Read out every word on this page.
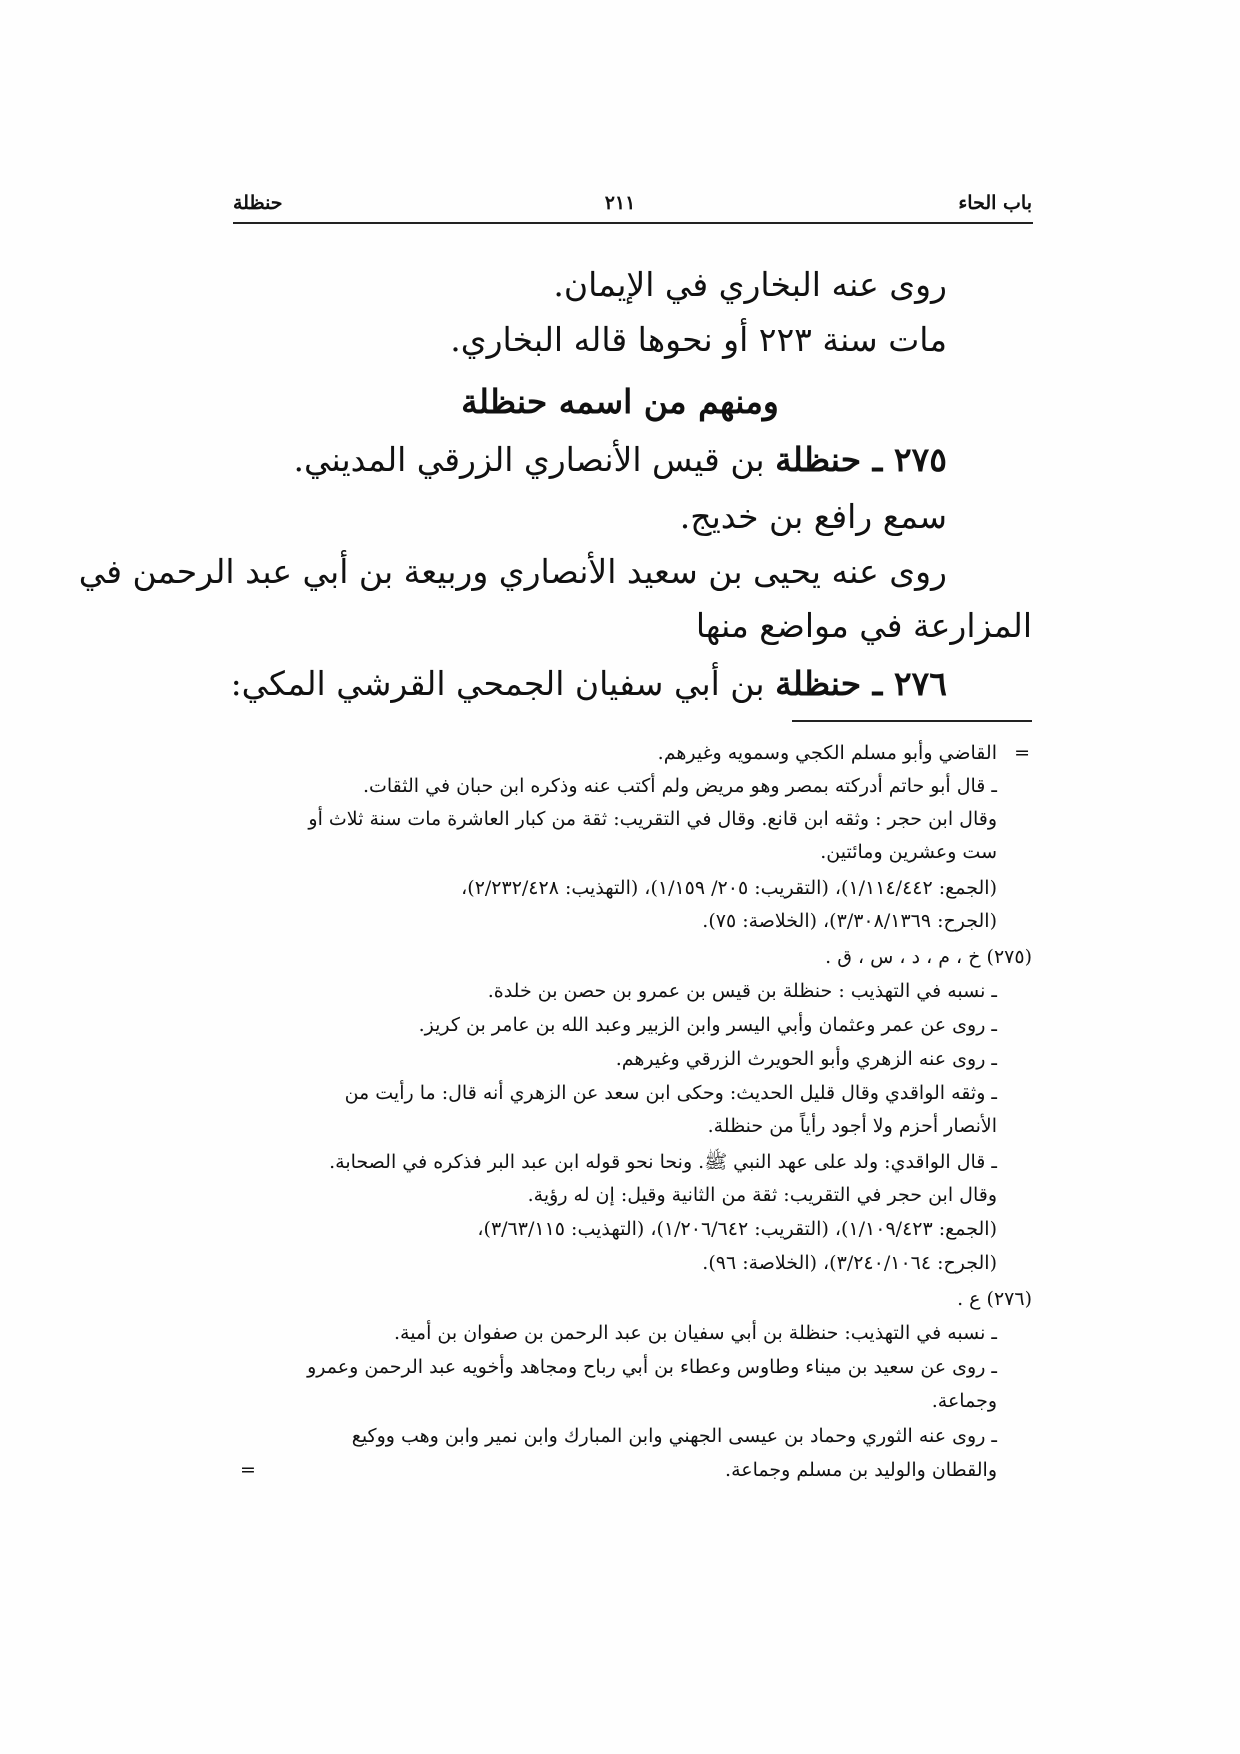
باب الحاء
٢١١
حنظلة
روى عنه البخاري في الإيمان.
مات سنة ٢٢٣ أو نحوها قاله البخاري.
ومنهم من اسمه حنظلة
٢٧٥ ـ حنظلة بن قيس الأنصاري الزرقي المديني.
سمع رافع بن خديج.
روى عنه يحيى بن سعيد الأنصاري وربيعة بن أبي عبد الرحمن في
المزارعة في مواضع منها
٢٧٦ ـ حنظلة بن أبي سفيان الجمحي القرشي المكي:
=
القاضي وأبو مسلم الكجي وسمويه وغيرهم.
ـ قال أبو حاتم أدركته بمصر وهو مريض ولم أكتب عنه وذكره ابن حبان في الثقات.
وقال ابن حجر : وثقه ابن قانع. وقال في التقريب: ثقة من كبار العاشرة مات سنة ثلاث أو
ست وعشرين ومائتين.
(الجمع: ١/١١٤/٤٤٢)، (التقريب: ٢٠٥/ ١/١٥٩)، (التهذيب: ٢/٢٣٢/٤٢٨)،
(الجرح: ٣/٣٠٨/١٣٦٩)، (الخلاصة: ٧٥).
(٢٧٥) خ ، م ، د ، س ، ق .
ـ نسبه في التهذيب : حنظلة بن قيس بن عمرو بن حصن بن خلدة.
ـ روى عن عمر وعثمان وأبي اليسر وابن الزبير وعبد الله بن عامر بن كريز.
ـ روى عنه الزهري وأبو الحويرث الزرقي وغيرهم.
ـ وثقه الواقدي وقال قليل الحديث: وحكى ابن سعد عن الزهري أنه قال: ما رأيت من
الأنصار أحزم ولا أجود رأياً من حنظلة.
ـ قال الواقدي: ولد على عهد النبي ﷺ. ونحا نحو قوله ابن عبد البر فذكره في الصحابة.
وقال ابن حجر في التقريب: ثقة من الثانية وقيل: إن له رؤية.
(الجمع: ١/١٠٩/٤٢٣)، (التقريب: ١/٢٠٦/٦٤٢)، (التهذيب: ٣/٦٣/١١٥)،
(الجرح: ٣/٢٤٠/١٠٦٤)، (الخلاصة: ٩٦).
(٢٧٦) ع .
ـ نسبه في التهذيب: حنظلة بن أبي سفيان بن عبد الرحمن بن صفوان بن أمية.
ـ روى عن سعيد بن ميناء وطاوس وعطاء بن أبي رباح ومجاهد وأخويه عبد الرحمن وعمرو
وجماعة.
ـ روى عنه الثوري وحماد بن عيسى الجهني وابن المبارك وابن نمير وابن وهب ووكيع
والقطان والوليد بن مسلم وجماعة.
=
